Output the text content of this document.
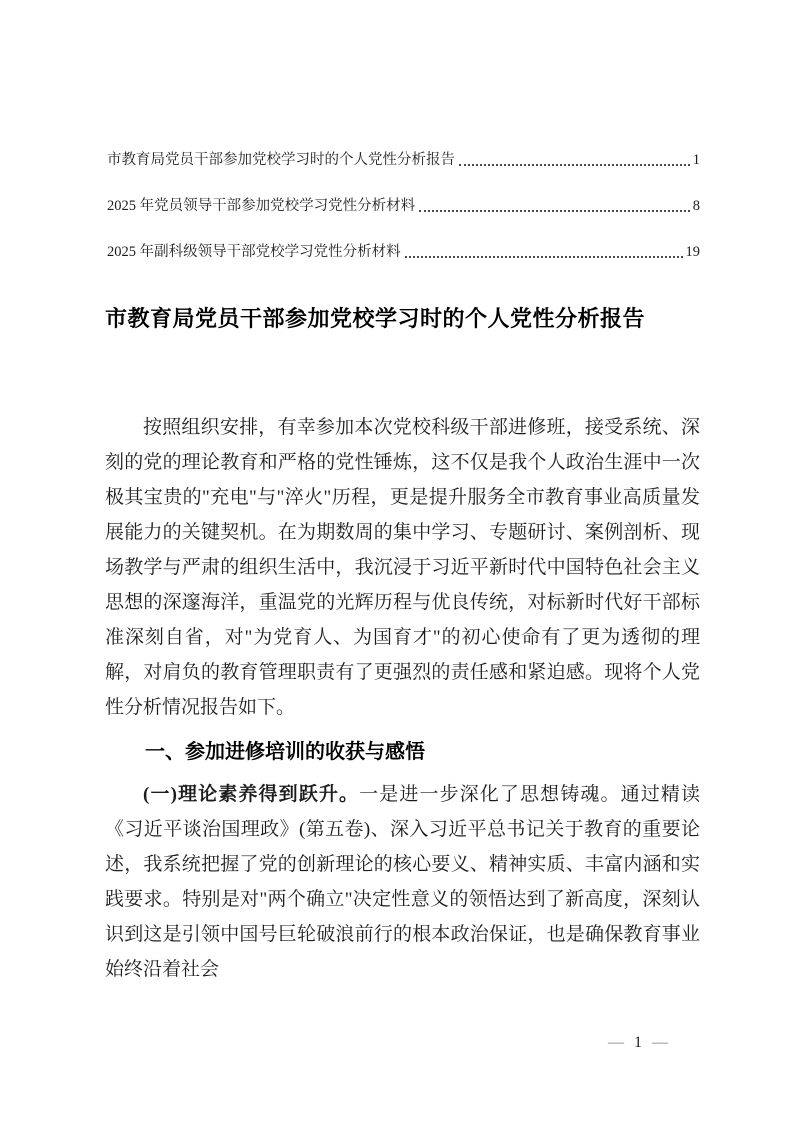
市教育局党员干部参加党校学习时的个人党性分析报告	1
2025 年党员领导干部参加党校学习党性分析材料	8
2025 年副科级领导干部党校学习党性分析材料	19
市教育局党员干部参加党校学习时的个人党性分析报告

按照组织安排，有幸参加本次党校科级干部进修班，接受系统、深刻的党的理论教育和严格的党性锤炼，这不仅是我个人政治生涯中一次极其宝贵的"充电"与"淬火"历程，更是提升服务全市教育事业高质量发展能力的关键契机。在为期数周的集中学习、专题研讨、案例剖析、现场教学与严肃的组织生活中，我沉浸于习近平新时代中国特色社会主义思想的深邃海洋，重温党的光辉历程与优良传统，对标新时代好干部标准深刻自省，对"为党育人、为国育才"的初心使命有了更为透彻的理解，对肩负的教育管理职责有了更强烈的责任感和紧迫感。现将个人党性分析情况报告如下。

一、参加进修培训的收获与感悟

(一)理论素养得到跃升。一是进一步深化了思想铸魂。通过精读《习近平谈治国理政》(第五卷)、深入习近平总书记关于教育的重要论述，我系统把握了党的创新理论的核心要义、精神实质、丰富内涵和实践要求。特别是对"两个确立"决定性意义的领悟达到了新高度，深刻认识到这是引领中国号巨轮破浪前行的根本政治保证，也是确保教育事业始终沿着社会

— 1 —
